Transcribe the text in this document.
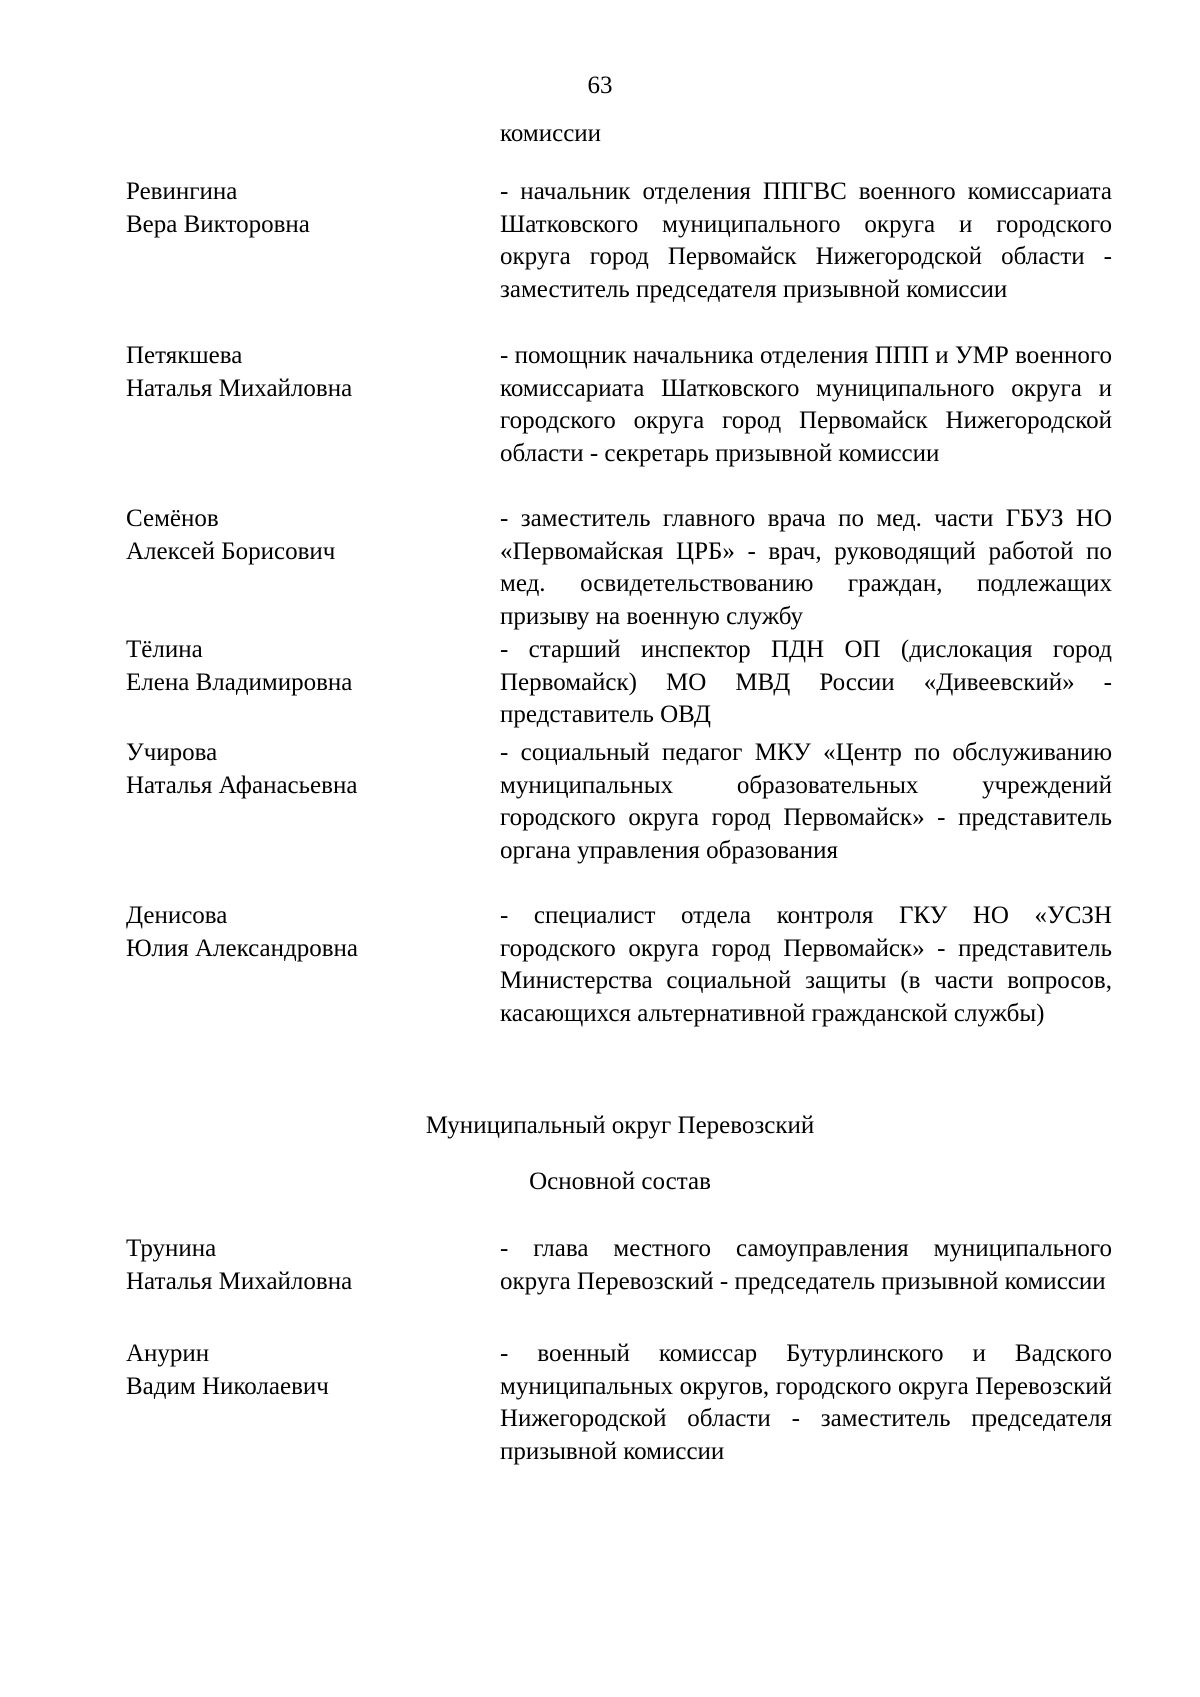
63

комиссии

Ревингина
Вера Викторовна

- начальник отделения ППГВС военного комиссариата Шатковского муниципального округа и городского округа город Первомайск Нижегородской области - заместитель председателя призывной комиссии

Петякшева
Наталья Михайловна

- помощник начальника отделения ППП и УМР военного комиссариата Шатковского муниципального округа и городского округа город Первомайск Нижегородской области - секретарь призывной комиссии

Семёнов
Алексей Борисович

- заместитель главного врача по мед. части ГБУЗ НО «Первомайская ЦРБ» - врач, руководящий работой по мед. освидетельствованию граждан, подлежащих призыву на военную службу

Тёлина
Елена Владимировна

- старший инспектор ПДН ОП (дислокация город Первомайск) МО МВД России «Дивеевский» - представитель ОВД

Учирова
Наталья Афанасьевна

- социальный педагог МКУ «Центр по обслуживанию муниципальных образовательных учреждений городского округа город Первомайск» - представитель органа управления образования

Денисова
Юлия Александровна

- специалист отдела контроля ГКУ НО «УСЗН городского округа город Первомайск» - представитель Министерства социальной защиты (в части вопросов, касающихся альтернативной гражданской службы)

Муниципальный округ Перевозский
Основной состав
Трунина
Наталья Михайловна

- глава местного самоуправления муниципального округа Перевозский - председатель призывной комиссии

Анурин
Вадим Николаевич

- военный комиссар Бутурлинского и Вадского муниципальных округов, городского округа Перевозский Нижегородской области - заместитель председателя призывной комиссии
